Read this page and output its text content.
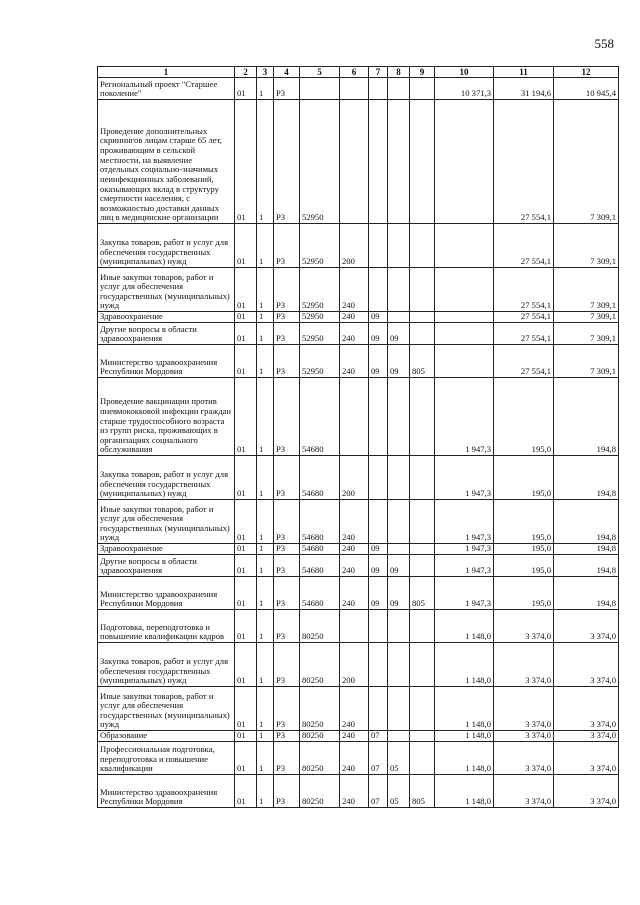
558
1	2	3	4	5	6	7	8	9	10	11	12
Региональный проект "Старшее поколение"	01	1	P3						10 371,3	31 194,6	10 945,4
Проведение дополнительных скринингов лицам старше 65 лет, проживающим в сельской местности, на выявление отдельных социально-значимых неинфекционных заболеваний, оказывающих вклад в структуру смертности населения, с возможностью доставки данных лиц в медицинские организации	01	1	P3	52950						27 554,1	7 309,1
Закупка товаров, работ и услуг для обеспечения государственных (муниципальных) нужд	01	1	P3	52950	200					27 554,1	7 309,1
Иные закупки товаров, работ и услуг для обеспечения государственных (муниципальных) нужд	01	1	P3	52950	240					27 554,1	7 309,1
Здравоохранение	01	1	P3	52950	240	09				27 554,1	7 309,1
Другие вопросы в области здравоохранения	01	1	P3	52950	240	09	09			27 554,1	7 309,1
Министерство здравоохранения Республики Мордовия	01	1	P3	52950	240	09	09	805		27 554,1	7 309,1
Проведение вакцинации против пневмококковой инфекции граждан старше трудоспособного возраста из групп риска, проживающих в организациях социального обслуживания	01	1	P3	54680					1 947,3	195,0	194,8
Закупка товаров, работ и услуг для обеспечения государственных (муниципальных) нужд	01	1	P3	54680	200				1 947,3	195,0	194,8
Иные закупки товаров, работ и услуг для обеспечения государственных (муниципальных) нужд	01	1	P3	54680	240				1 947,3	195,0	194,8
Здравоохранение	01	1	P3	54680	240	09			1 947,3	195,0	194,8
Другие вопросы в области здравоохранения	01	1	P3	54680	240	09	09		1 947,3	195,0	194,8
Министерство здравоохранения Республики Мордовия	01	1	P3	54680	240	09	09	805	1 947,3	195,0	194,8
Подготовка, переподготовка и повышение квалификации кадров	01	1	P3	80250					1 148,0	3 374,0	3 374,0
Закупка товаров, работ и услуг для обеспечения государственных (муниципальных) нужд	01	1	P3	80250	200				1 148,0	3 374,0	3 374,0
Иные закупки товаров, работ и услуг для обеспечения государственных (муниципальных) нужд	01	1	P3	80250	240				1 148,0	3 374,0	3 374,0
Образование	01	1	P3	80250	240	07			1 148,0	3 374,0	3 374,0
Профессиональная подготовка, переподготовка и повышение квалификации	01	1	P3	80250	240	07	05		1 148,0	3 374,0	3 374,0
Министерство здравоохранения Республики Мордовия	01	1	P3	80250	240	07	05	805	1 148,0	3 374,0	3 374,0
